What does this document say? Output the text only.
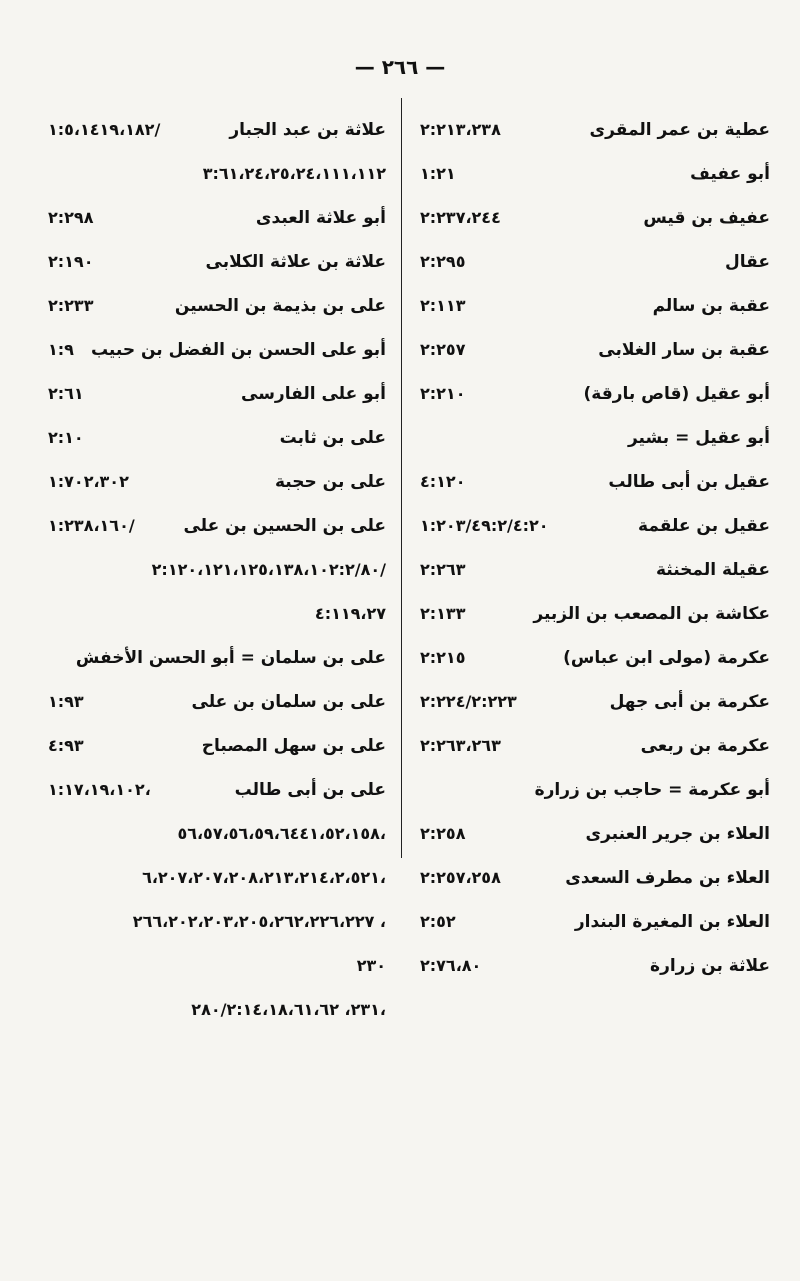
— ٢٦٦ —
عطية بن عمر المقرى
٢:٢١٣،٢٣٨
أبو عفيف
١:٢١
عفيف بن قيس
٢:٢٣٧،٢٤٤
عقال
٢:٢٩٥
عقبة بن سالم
٢:١١٣
عقبة بن سار الغلابى
٢:٢٥٧
أبو عقيل (قاص بارقة)
٢:٢١٠
أبو عقيل = بشير
عقيل بن أبى طالب
٤:١٢٠
عقيل بن علقمة
١:٢٠٣/٤٩:٢/٤:٢٠
عقيلة المخنثة
٢:٢٦٣
عكاشة بن المصعب بن الزبير
٢:١٣٣
عكرمة (مولى ابن عباس)
٢:٢١٥
عكرمة بن أبى جهل
٢:٢٢٤/٢:٢٢٣
عكرمة بن ربعى
٢:٢٦٣،٢٦٣
أبو عكرمة = حاجب بن زرارة
العلاء بن جرير العنبرى
٢:٢٥٨
العلاء بن مطرف السعدى
٢:٢٥٧،٢٥٨
العلاء بن المغيرة البندار
٢:٥٢
علاثة بن زرارة
٢:٧٦،٨٠
علاثة بن عبد الجبار
١:٥،١٤١٩،١٨٢/
٣:٦١،٢٤،٢٥،٢٤،١١١،١١٢
أبو علاثة العبدى
٢:٢٩٨
علاثة بن علاثة الكلابى
٢:١٩٠
على بن بذيمة بن الحسين
٢:٢٣٣
أبو على الحسن بن الفضل بن حبيب
١:٩
أبو على الفارسى
٢:٦١
على بن ثابت
٢:١٠
على بن حجبة
١:٧٠٢،٣٠٢
على بن الحسين بن على
١:٢٣٨،١٦٠/
٢:١٢٠،١٢١،١٢٥،١٣٨،١٠٢:٢/٨٠/
٤:١١٩،٢٧
على بن سلمان = أبو الحسن الأخفش
على بن سلمان بن على
١:٩٣
على بن سهل المصباح
٤:٩٣
على بن أبى طالب
١:١٧،١٩،١٠٢،
٥٦،٥٧،٥٦،٥٩،٦٤٤١،٥٢،١٥٨،
٦،٢٠٧،٢٠٧،٢٠٨،٢١٣،٢١٤،٢،٥٢١،
٢٦٦،٢٠٢،٢٠٣،٢٠٥،٢٦٢،٢٢٦،٢٢٧ ،
٢٣٠
٢٣١، ٢٨٠/٢:١٤،١٨،٦١،٦٢،
